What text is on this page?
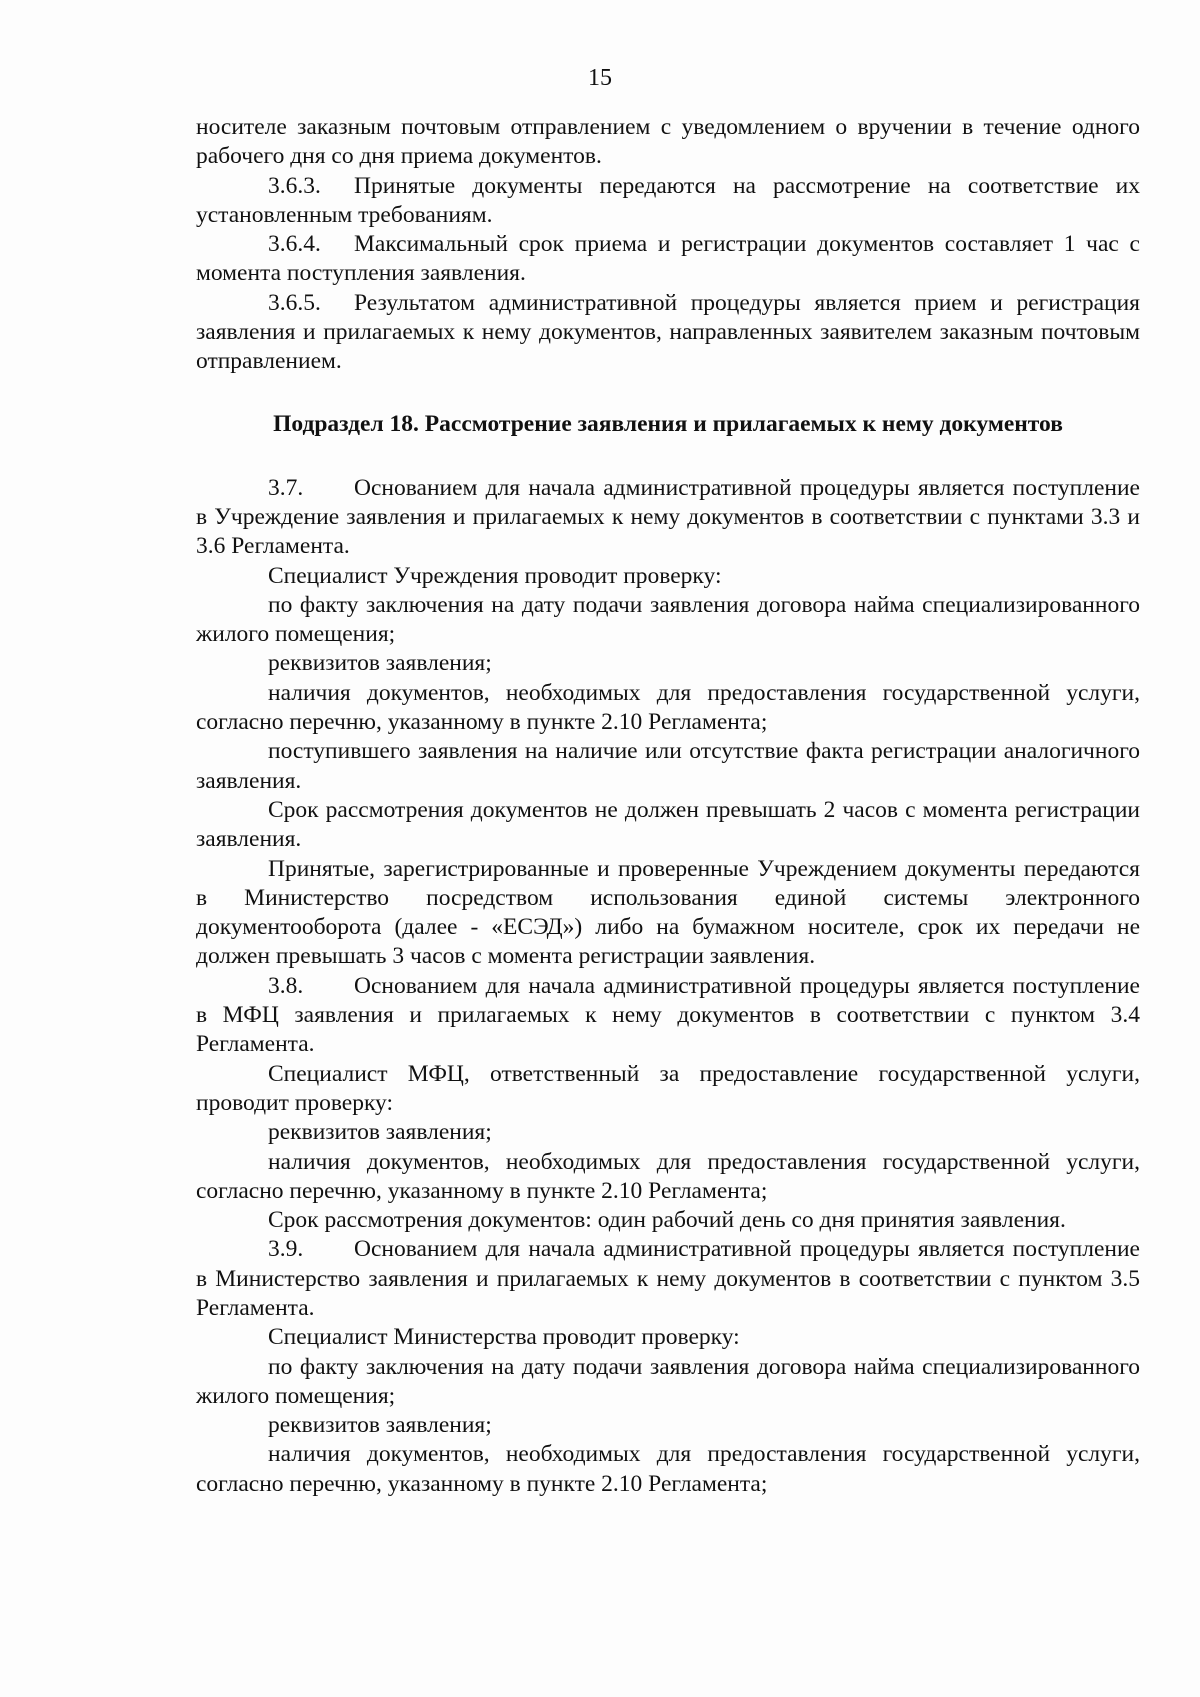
15

носителе заказным почтовым отправлением с уведомлением о вручении в течение одного рабочего дня со дня приема документов.

3.6.3. Принятые документы передаются на рассмотрение на соответствие их установленным требованиям.

3.6.4. Максимальный срок приема и регистрации документов составляет 1 час с момента поступления заявления.

3.6.5. Результатом административной процедуры является прием и регистрация заявления и прилагаемых к нему документов, направленных заявителем заказным почтовым отправлением.

Подраздел 18. Рассмотрение заявления и прилагаемых к нему документов

3.7. Основанием для начала административной процедуры является поступление в Учреждение заявления и прилагаемых к нему документов в соответствии с пунктами 3.3 и 3.6 Регламента.

Специалист Учреждения проводит проверку:

по факту заключения на дату подачи заявления договора найма специализированного жилого помещения;

реквизитов заявления;

наличия документов, необходимых для предоставления государственной услуги, согласно перечню, указанному в пункте 2.10 Регламента;

поступившего заявления на наличие или отсутствие факта регистрации аналогичного заявления.

Срок рассмотрения документов не должен превышать 2 часов с момента регистрации заявления.

Принятые, зарегистрированные и проверенные Учреждением документы передаются в Министерство посредством использования единой системы электронного документооборота (далее - «ЕСЭД») либо на бумажном носителе, срок их передачи не должен превышать 3 часов с момента регистрации заявления.

3.8. Основанием для начала административной процедуры является поступление в МФЦ заявления и прилагаемых к нему документов в соответствии с пунктом 3.4 Регламента.

Специалист МФЦ, ответственный за предоставление государственной услуги, проводит проверку:

реквизитов заявления;

наличия документов, необходимых для предоставления государственной услуги, согласно перечню, указанному в пункте 2.10 Регламента;

Срок рассмотрения документов: один рабочий день со дня принятия заявления.

3.9. Основанием для начала административной процедуры является поступление в Министерство заявления и прилагаемых к нему документов в соответствии с пунктом 3.5 Регламента.

Специалист Министерства проводит проверку:

по факту заключения на дату подачи заявления договора найма специализированного жилого помещения;

реквизитов заявления;

наличия документов, необходимых для предоставления государственной услуги, согласно перечню, указанному в пункте 2.10 Регламента;
